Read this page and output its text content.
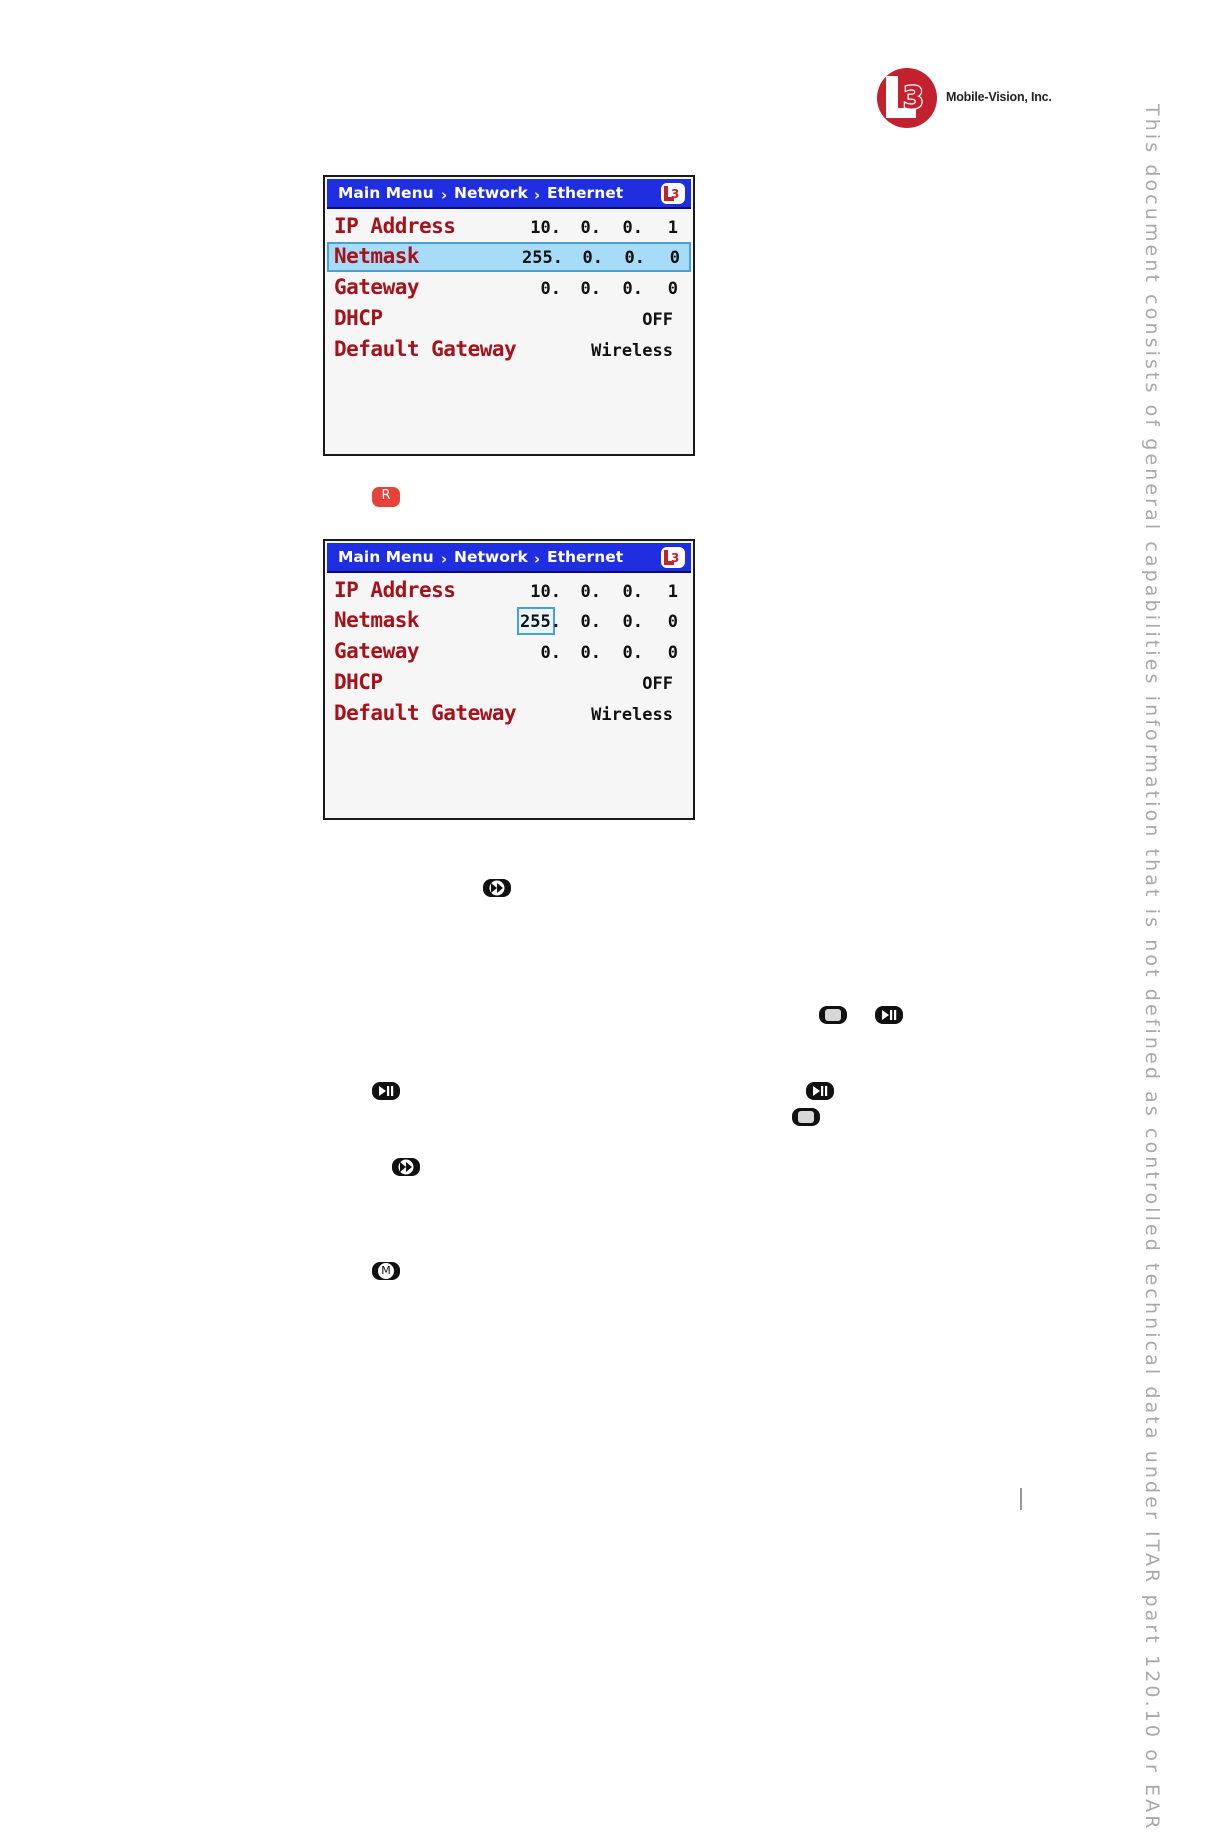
3 Mobile-Vision, Inc.
This document consists of general capabilities information that is not defined as controlled technical data under ITAR part 120.10 or EAR
Main Menu › Network › Ethernet	3
IP Address	10.	0.	0.	1
Netmask	255.	0.	0.	0
Gateway	0.	0.	0.	0
DHCP	OFF
Default Gateway	Wireless
R
Main Menu › Network › Ethernet	3
IP Address	10.	0.	0.	1
Netmask	255.	0.	0.	0
Gateway	0.	0.	0.	0
DHCP	OFF
Default Gateway	Wireless
M
